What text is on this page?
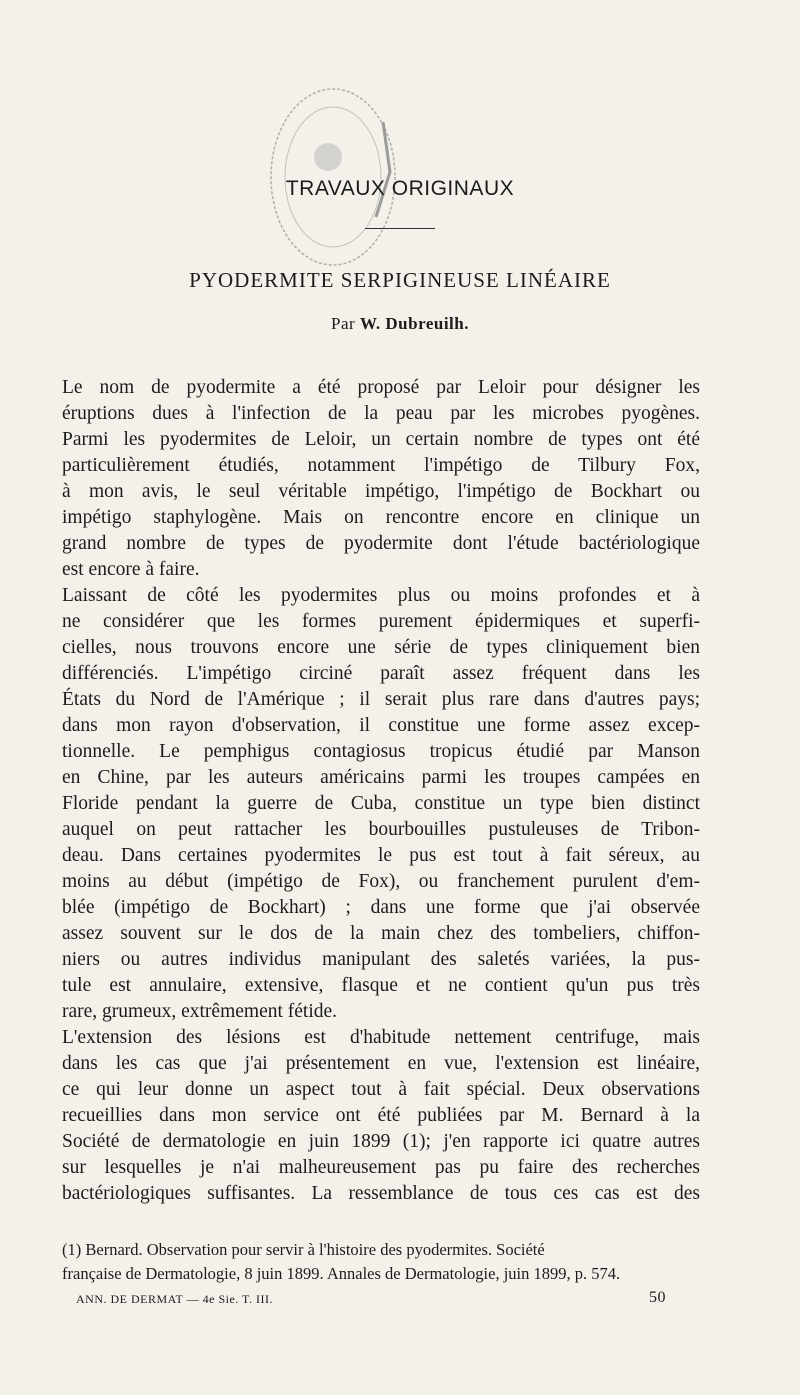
TRAVAUX ORIGINAUX
PYODERMITE SERPIGINEUSE LINÉAIRE
Par W. Dubreuilh.
Le nom de pyodermite a été proposé par Leloir pour désigner les
éruptions dues à l'infection de la peau par les microbes pyogènes.
Parmi les pyodermites de Leloir, un certain nombre de types ont été
particulièrement étudiés, notamment l'impétigo de Tilbury Fox,
à mon avis, le seul véritable impétigo, l'impétigo de Bockhart ou
impétigo staphylogène. Mais on rencontre encore en clinique un
grand nombre de types de pyodermite dont l'étude bactériologique
est encore à faire.
Laissant de côté les pyodermites plus ou moins profondes et à
ne considérer que les formes purement épidermiques et superfi-
cielles, nous trouvons encore une série de types cliniquement bien
différenciés. L'impétigo circiné paraît assez fréquent dans les
États du Nord de l'Amérique ; il serait plus rare dans d'autres pays;
dans mon rayon d'observation, il constitue une forme assez excep-
tionnelle. Le pemphigus contagiosus tropicus étudié par Manson
en Chine, par les auteurs américains parmi les troupes campées en
Floride pendant la guerre de Cuba, constitue un type bien distinct
auquel on peut rattacher les bourbouilles pustuleuses de Tribon-
deau. Dans certaines pyodermites le pus est tout à fait séreux, au
moins au début (impétigo de Fox), ou franchement purulent d'em-
blée (impétigo de Bockhart) ; dans une forme que j'ai observée
assez souvent sur le dos de la main chez des tombeliers, chiffon-
niers ou autres individus manipulant des saletés variées, la pus-
tule est annulaire, extensive, flasque et ne contient qu'un pus très
rare, grumeux, extrêmement fétide.
L'extension des lésions est d'habitude nettement centrifuge, mais
dans les cas que j'ai présentement en vue, l'extension est linéaire,
ce qui leur donne un aspect tout à fait spécial. Deux observations
recueillies dans mon service ont été publiées par M. Bernard à la
Société de dermatologie en juin 1899 (1); j'en rapporte ici quatre autres
sur lesquelles je n'ai malheureusement pas pu faire des recherches
bactériologiques suffisantes. La ressemblance de tous ces cas est des
(1) Bernard. Observation pour servir à l'histoire des pyodermites. Société
française de Dermatologie, 8 juin 1899. Annales de Dermatologie, juin 1899, p. 574.
ANN. DE DERMAT — 4e Sie. T. III.	50
